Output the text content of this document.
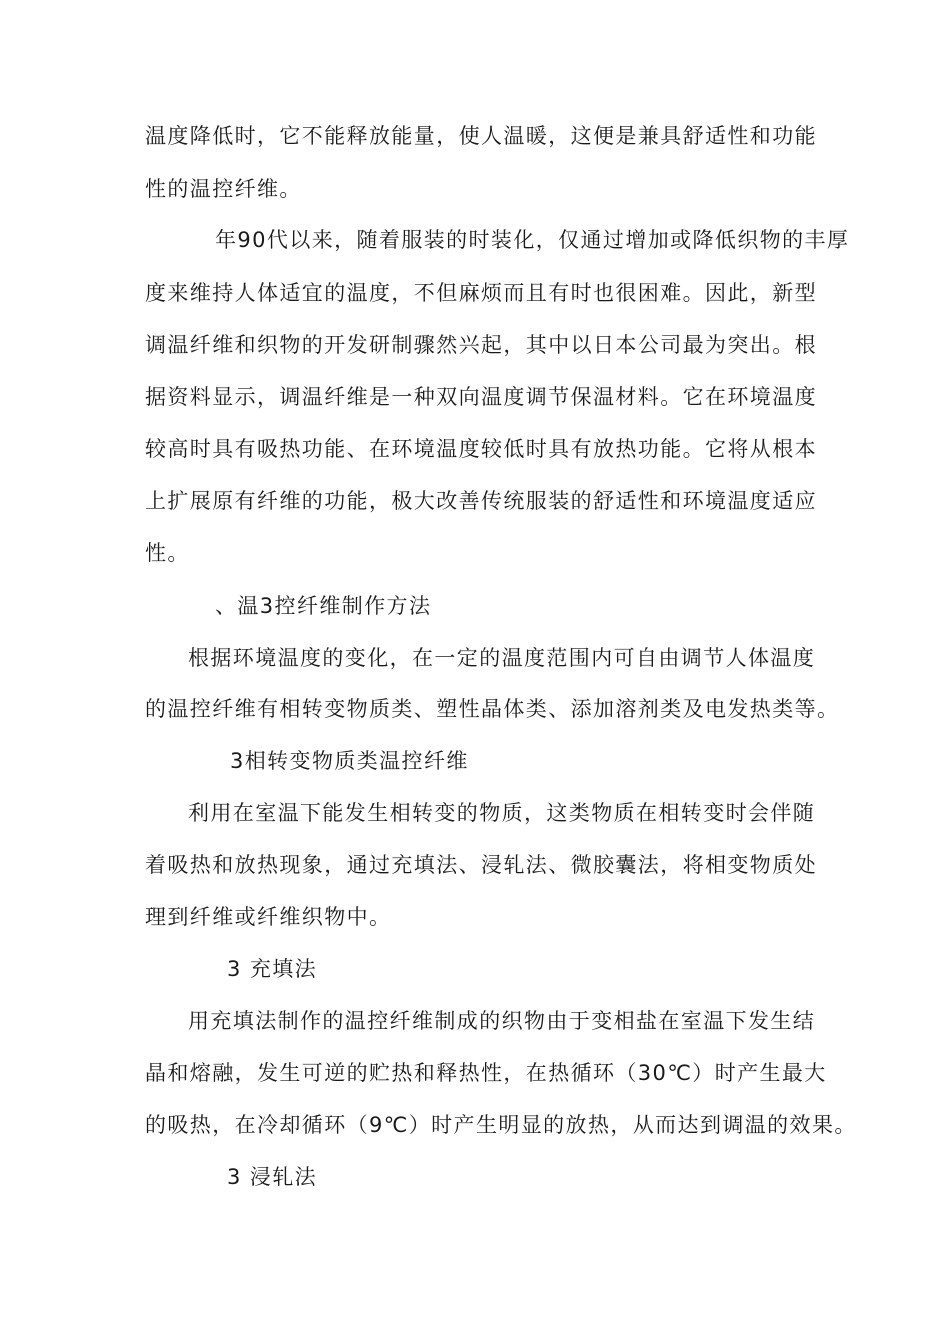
温度降低时，它不能释放能量，使人温暖，这便是兼具舒适性和功能
性的温控纤维。
年90代以来，随着服装的时装化，仅通过增加或降低织物的丰厚
度来维持人体适宜的温度，不但麻烦而且有时也很困难。因此，新型
调温纤维和织物的开发研制骤然兴起，其中以日本公司最为突出。根
据资料显示，调温纤维是一种双向温度调节保温材料。它在环境温度
较高时具有吸热功能、在环境温度较低时具有放热功能。它将从根本
上扩展原有纤维的功能，极大改善传统服装的舒适性和环境温度适应
性。
、温3控纤维制作方法
根据环境温度的变化，在一定的温度范围内可自由调节人体温度
的温控纤维有相转变物质类、塑性晶体类、添加溶剂类及电发热类等。
3相转变物质类温控纤维
利用在室温下能发生相转变的物质，这类物质在相转变时会伴随
着吸热和放热现象，通过充填法、浸轧法、微胶囊法，将相变物质处
理到纤维或纤维织物中。
3 充填法
用充填法制作的温控纤维制成的织物由于变相盐在室温下发生结
晶和熔融，发生可逆的贮热和释热性，在热循环（30℃）时产生最大
的吸热，在冷却循环（9℃）时产生明显的放热，从而达到调温的效果。
3 浸轧法
